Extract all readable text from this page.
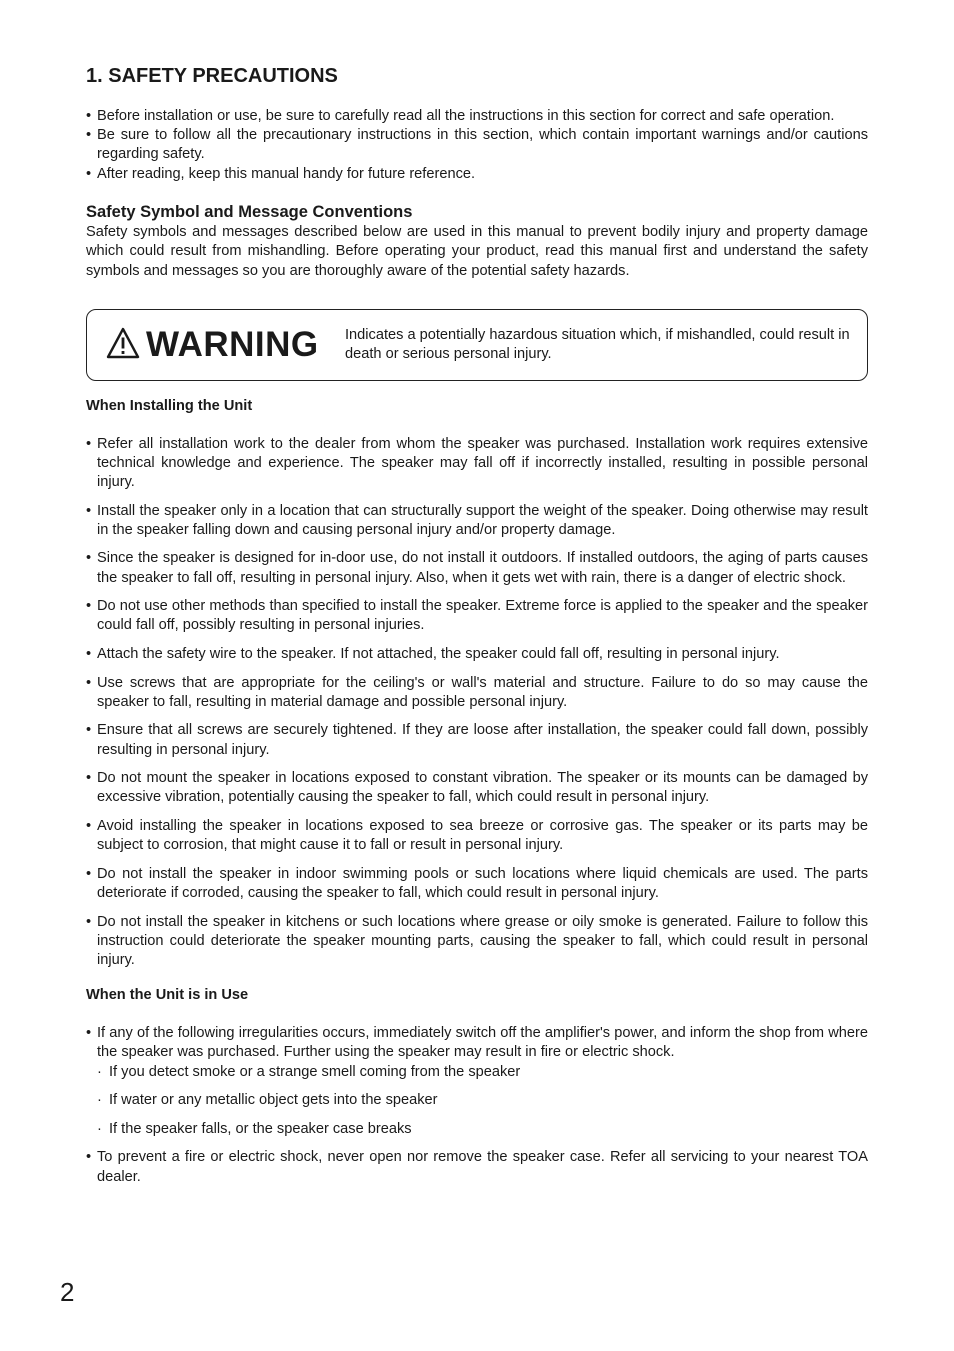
1. SAFETY PRECAUTIONS
• Before installation or use, be sure to carefully read all the instructions in this section for correct and safe operation.
• Be sure to follow all the precautionary instructions in this section, which contain important warnings and/or cautions regarding safety.
• After reading, keep this manual handy for future reference.
Safety Symbol and Message Conventions

Safety symbols and messages described below are used in this manual to prevent bodily injury and property damage which could result from mishandling. Before operating your product, read this manual first and understand the safety symbols and messages so you are thoroughly aware of the potential safety hazards.

WARNING Indicates a potentially hazardous situation which, if mishandled, could result in death or serious personal injury.
When Installing the Unit
• Refer all installation work to the dealer from whom the speaker was purchased. Installation work requires extensive technical knowledge and experience. The speaker may fall off if incorrectly installed, resulting in possible personal injury.
• Install the speaker only in a location that can structurally support the weight of the speaker. Doing otherwise may result in the speaker falling down and causing personal injury and/or property damage.
• Since the speaker is designed for in-door use, do not install it outdoors. If installed outdoors, the aging of parts causes the speaker to fall off, resulting in personal injury. Also, when it gets wet with rain, there is a danger of electric shock.
• Do not use other methods than specified to install the speaker. Extreme force is applied to the speaker and the speaker could fall off, possibly resulting in personal injuries.
• Attach the safety wire to the speaker. If not attached, the speaker could fall off, resulting in personal injury.
• Use screws that are appropriate for the ceiling's or wall's material and structure. Failure to do so may cause the speaker to fall, resulting in material damage and possible personal injury.
• Ensure that all screws are securely tightened. If they are loose after installation, the speaker could fall down, possibly resulting in personal injury.
• Do not mount the speaker in locations exposed to constant vibration. The speaker or its mounts can be damaged by excessive vibration, potentially causing the speaker to fall, which could result in personal injury.
• Avoid installing the speaker in locations exposed to sea breeze or corrosive gas. The speaker or its parts may be subject to corrosion, that might cause it to fall or result in personal injury.
• Do not install the speaker in indoor swimming pools or such locations where liquid chemicals are used. The parts deteriorate if corroded, causing the speaker to fall, which could result in personal injury.
• Do not install the speaker in kitchens or such locations where grease or oily smoke is generated. Failure to follow this instruction could deteriorate the speaker mounting parts, causing the speaker to fall, which could result in personal injury.
When the Unit is in Use
• If any of the following irregularities occurs, immediately switch off the amplifier's power, and inform the shop from where the speaker was purchased. Further using the speaker may result in fire or electric shock.
· If you detect smoke or a strange smell coming from the speaker
· If water or any metallic object gets into the speaker
· If the speaker falls, or the speaker case breaks
• To prevent a fire or electric shock, never open nor remove the speaker case. Refer all servicing to your nearest TOA dealer.
2
